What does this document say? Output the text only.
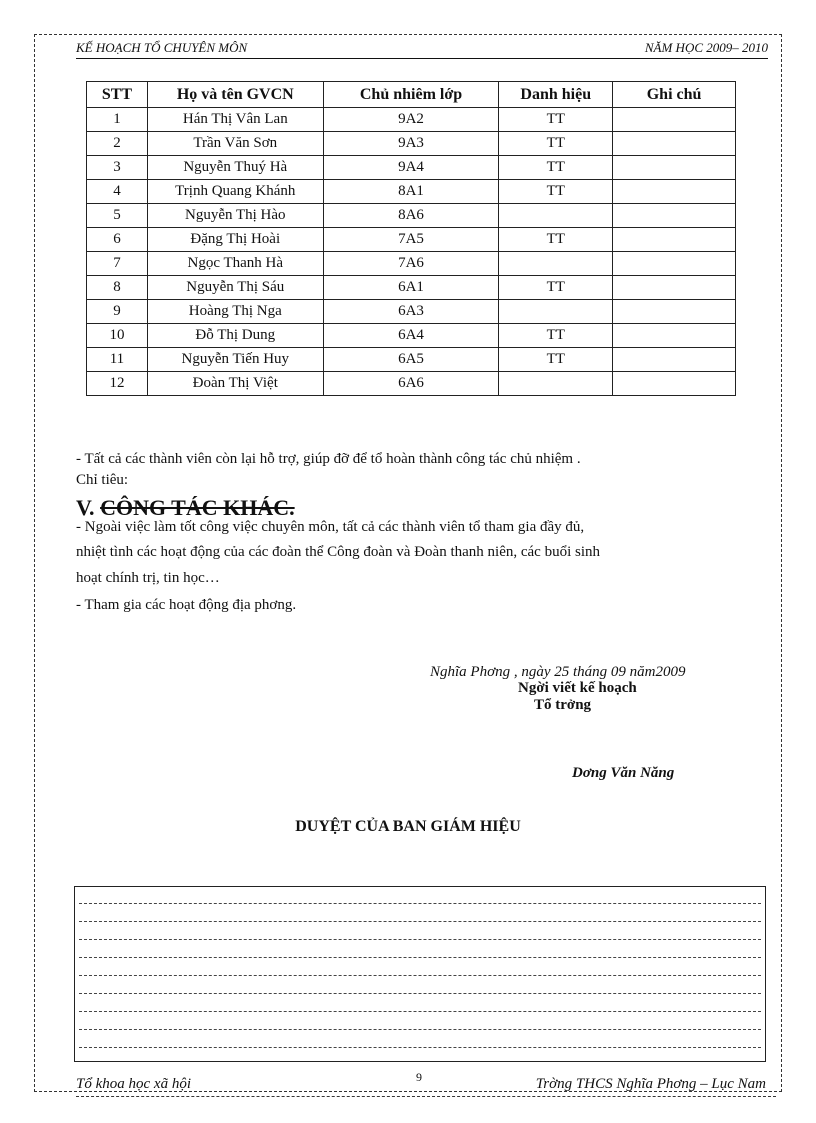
KẾ HOẠCH TỔ CHUYÊN MÔN	NĂM HỌC 2009– 2010
STT	Họ và tên GVCN	Chủ nhiêm lớp	Danh hiệu	Ghi chú
1	Hán Thị Vân Lan	9A2	TT	
2	Trần Văn Sơn	9A3	TT	
3	Nguyễn Thuý Hà	9A4	TT	
4	Trịnh Quang Khánh	8A1	TT	
5	Nguyễn Thị Hào	8A6		
6	Đặng Thị Hoài	7A5	TT	
7	Ngọc Thanh Hà	7A6		
8	Nguyễn Thị Sáu	6A1	TT	
9	Hoàng Thị Nga	6A3		
10	Đỗ Thị Dung	6A4	TT	
11	Nguyễn Tiến Huy	6A5	TT	
12	Đoàn Thị Việt	6A6		
- Tất cả các thành viên còn lại hỗ trợ, giúp đỡ để tổ hoàn thành công tác chủ nhiệm .
Chỉ tiêu:
V. CÔNG TÁC KHÁC.
- Ngoài việc làm tốt công việc chuyên môn, tất cả các thành viên tổ tham gia đầy đủ,
nhiệt tình các hoạt động của các đoàn thể Công đoàn và Đoàn thanh niên, các buổi sinh
hoạt chính trị, tin học…
- Tham gia các hoạt động địa phơng.
Nghĩa Phơng , ngày 25 tháng 09 năm2009
Ngời viết kế hoạch
Tổ trởng
Dơng Văn Năng
DUYỆT CỦA BAN GIÁM HIỆU
Tổ khoa học xã hội	9	Trờng THCS Nghĩa Phơng – Lục Nam
